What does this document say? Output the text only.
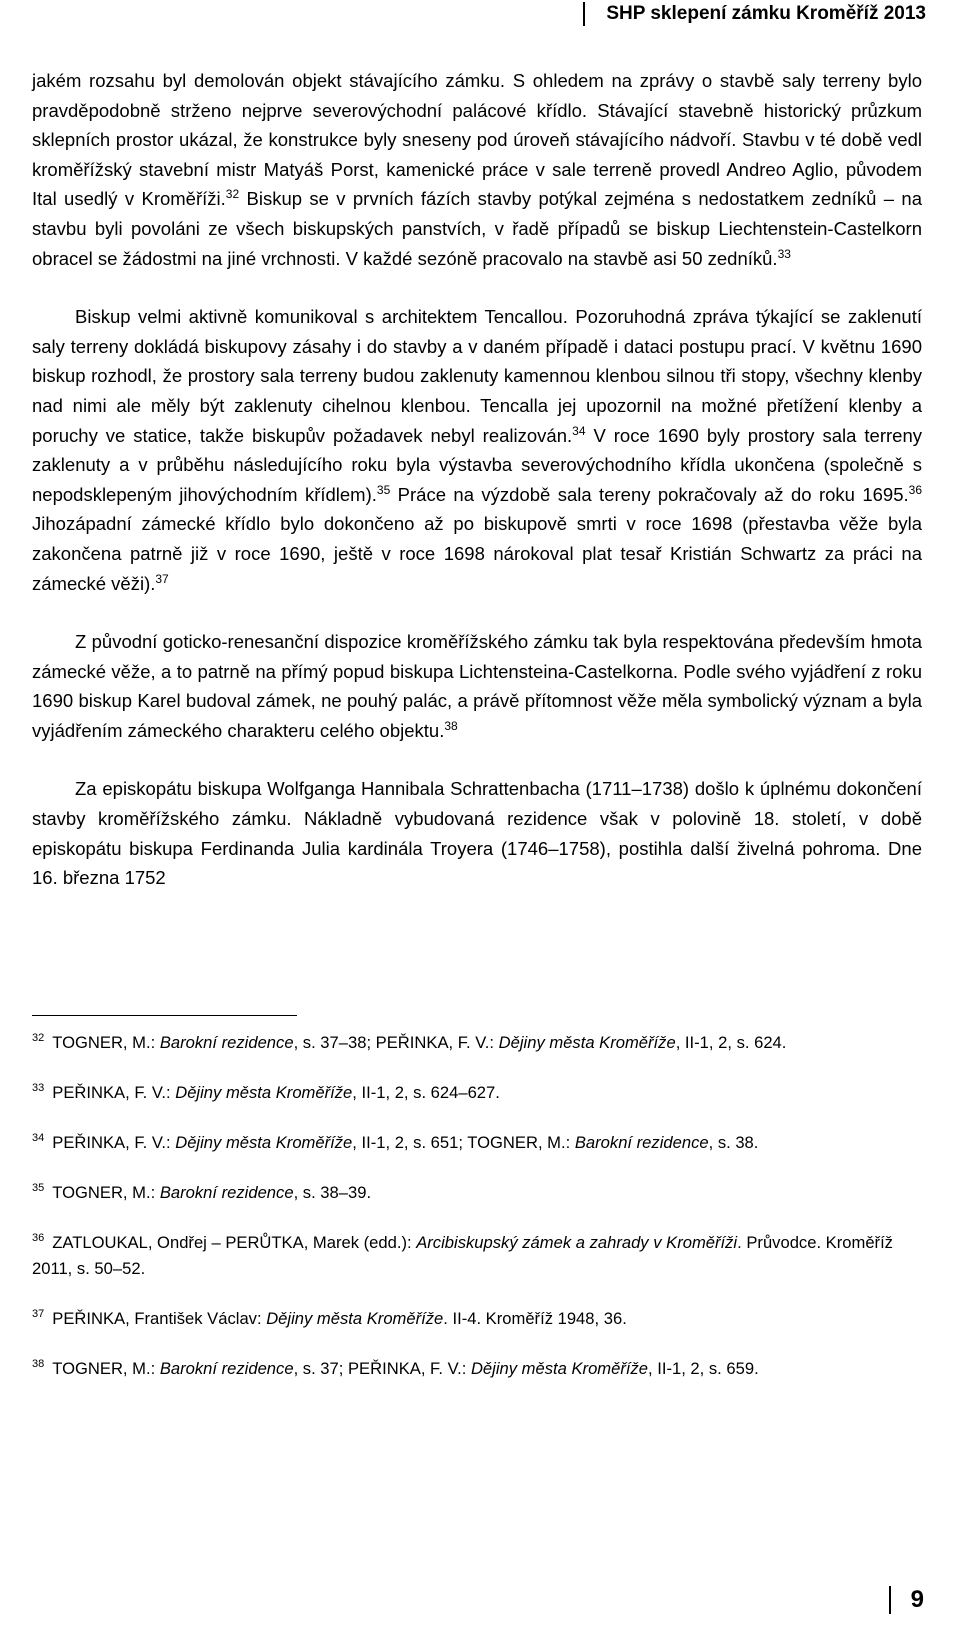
SHP sklepení zámku Kroměříž 2013

jakém rozsahu byl demolován objekt stávajícího zámku. S ohledem na zprávy o stavbě saly terreny bylo pravděpodobně strženo nejprve severovýchodní palácové křídlo. Stávající stavebně historický průzkum sklepních prostor ukázal, že konstrukce byly sneseny pod úroveň stávajícího nádvoří. Stavbu v té době vedl kroměřížský stavební mistr Matyáš Porst, kamenické práce v sale terreně provedl Andreo Aglio, původem Ital usedlý v Kroměříži.$^{32}$ Biskup se v prvních fázích stavby potýkal zejména s nedostatkem zedníků – na stavbu byli povoláni ze všech biskupských panstvích, v řadě případů se biskup Liechtenstein-Castelkorn obracel se žádostmi na jiné vrchnosti. V každé sezóně pracovalo na stavbě asi 50 zedníků.$^{33}$

Biskup velmi aktivně komunikoval s architektem Tencallou. Pozoruhodná zpráva týkající se zaklenutí saly terreny dokládá biskupovy zásahy i do stavby a v daném případě i dataci postupu prací. V květnu 1690 biskup rozhodl, že prostory sala terreny budou zaklenuty kamennou klenbou silnou tři stopy, všechny klenby nad nimi ale měly být zaklenuty cihelnou klenbou. Tencalla jej upozornil na možné přetížení klenby a poruchy ve statice, takže biskupův požadavek nebyl realizován.$^{34}$ V roce 1690 byly prostory sala terreny zaklenuty a v průběhu následujícího roku byla výstavba severovýchodního křídla ukončena (společně s nepodsklepeným jihovýchodním křídlem).$^{35}$ Práce na výzdobě sala tereny pokračovaly až do roku 1695.36 Jihozápadní zámecké křídlo bylo dokončeno až po biskupově smrti v roce 1698 (přestavba věže byla zakončena patrně již v roce 1690, ještě v roce 1698 nárokoval plat tesař Kristián Schwartz za práci na zámecké věži).$^{37}$

Z původní goticko-renesanční dispozice kroměřížského zámku tak byla respektována především hmota zámecké věže, a to patrně na přímý popud biskupa Lichtensteina-Castelkorna. Podle svého vyjádření z roku 1690 biskup Karel budoval zámek, ne pouhý palác, a právě přítomnost věže měla symbolický význam a byla vyjádřením zámeckého charakteru celého objektu.$^{38}$

Za episkopátu biskupa Wolfganga Hannibala Schrattenbacha (1711–1738) došlo k úplnému dokončení stavby kroměřížského zámku. Nákladně vybudovaná rezidence však v polovině 18. století, v době episkopátu biskupa Ferdinanda Julia kardinála Troyera (1746–1758), postihla další živelná pohroma. Dne 16. března 1752

$^{32}$ TOGNER, M.: Barokní rezidence, s. 37–38; PEŘINKA, F. V.: Dějiny města Kroměříže, II-1, 2, s. 624.

$^{33}$ PEŘINKA, F. V.: Dějiny města Kroměříže, II-1, 2, s. 624–627.

$^{34}$ PEŘINKA, F. V.: Dějiny města Kroměříže, II-1, 2, s. 651; TOGNER, M.: Barokní rezidence, s. 38.

$^{35}$ TOGNER, M.: Barokní rezidence, s. 38–39.

$^{36}$ ZATLOUKAL, Ondřej – PERŮTKA, Marek (edd.): Arcibiskupský zámek a zahrady v Kroměříži. Průvodce. Kroměříž 2011, s. 50–52.

$^{37}$ PEŘINKA, František Václav: Dějiny města Kroměříže. II-4. Kroměříž 1948, 36.

$^{38}$ TOGNER, M.: Barokní rezidence, s. 37; PEŘINKA, F. V.: Dějiny města Kroměříže, II-1, 2, s. 659.

9
